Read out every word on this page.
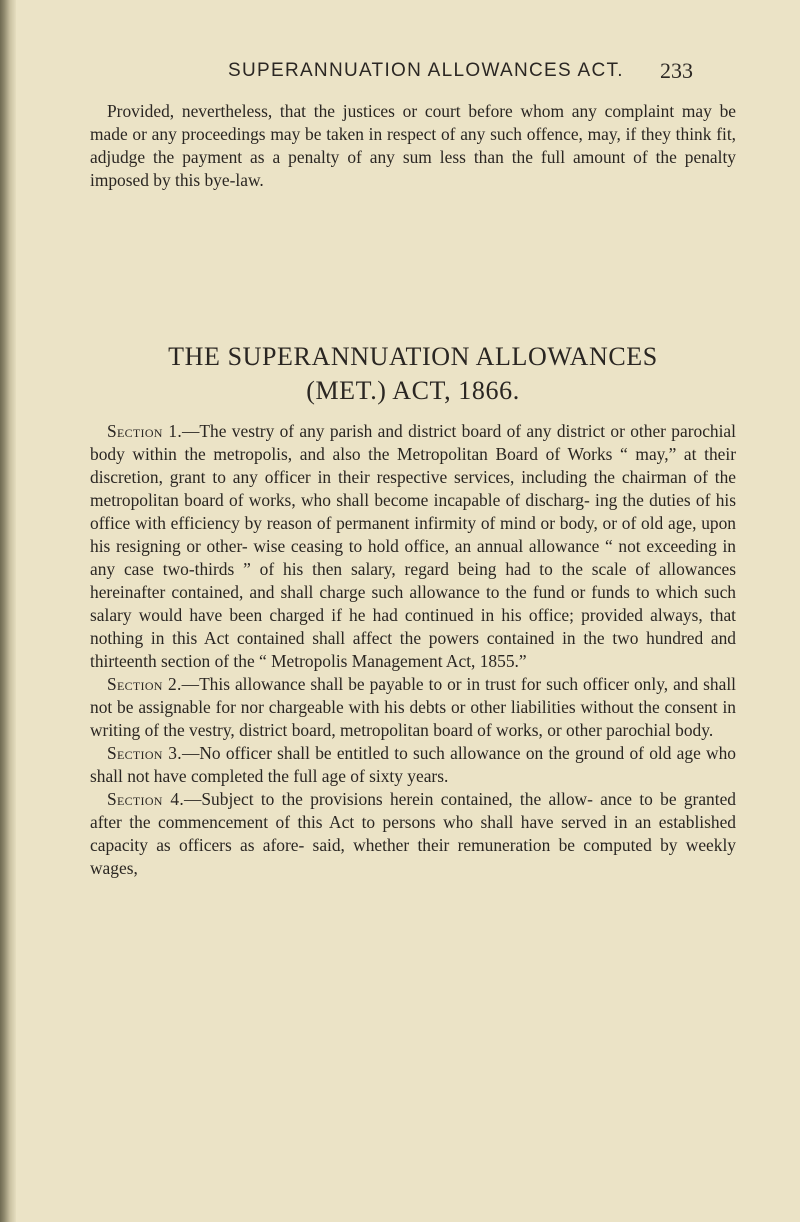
SUPERANNUATION ALLOWANCES ACT. 233

Provided, nevertheless, that the justices or court before whom any complaint may be made or any proceedings may be taken in respect of any such offence, may, if they think fit, adjudge the payment as a penalty of any sum less than the full amount of the penalty imposed by this bye-law.

THE SUPERANNUATION ALLOWANCES
(MET.) ACT, 1866.

Section 1.—The vestry of any parish and district board of any district or other parochial body within the metropolis, and also the Metropolitan Board of Works “ may,” at their discretion, grant to any officer in their respective services, including the chairman of the metropolitan board of works, who shall become incapable of discharg- ing the duties of his office with efficiency by reason of permanent infirmity of mind or body, or of old age, upon his resigning or other- wise ceasing to hold office, an annual allowance “ not exceeding in any case two-thirds ” of his then salary, regard being had to the scale of allowances hereinafter contained, and shall charge such allowance to the fund or funds to which such salary would have been charged if he had continued in his office; provided always, that nothing in this Act contained shall affect the powers contained in the two hundred and thirteenth section of the “ Metropolis Management Act, 1855.”

Section 2.—This allowance shall be payable to or in trust for such officer only, and shall not be assignable for nor chargeable with his debts or other liabilities without the consent in writing of the vestry, district board, metropolitan board of works, or other parochial body.

Section 3.—No officer shall be entitled to such allowance on the ground of old age who shall not have completed the full age of sixty years.

Section 4.—Subject to the provisions herein contained, the allow- ance to be granted after the commencement of this Act to persons who shall have served in an established capacity as officers as afore- said, whether their remuneration be computed by weekly wages,
